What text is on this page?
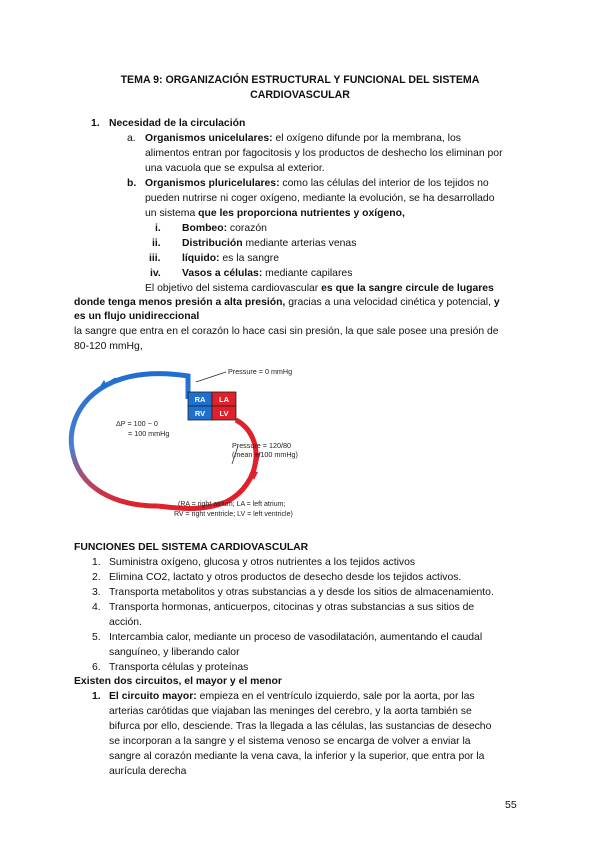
TEMA 9: ORGANIZACIÓN ESTRUCTURAL Y FUNCIONAL DEL SISTEMA
CARDIOVASCULAR
1. Necesidad de la circulación
a. Organismos unicelulares: el oxígeno difunde por la membrana, los
alimentos entran por fagocitosis y los productos de deshecho los eliminan por
una vacuola que se expulsa al exterior.
b. Organismos pluricelulares: como las células del interior de los tejidos no
pueden nutrirse ni coger oxígeno, mediante la evolución, se ha desarrollado
un sistema que les proporciona nutrientes y oxígeno,
i. Bombeo: corazón
ii. Distribución mediante arterias venas
iii. líquido: es la sangre
iv. Vasos a células: mediante capilares
El objetivo del sistema cardiovascular es que la sangre circule de lugares
donde tenga menos presión a alta presión, gracias a una velocidad cinética y potencial, y
es un flujo unidireccional
la sangre que entra en el corazón lo hace casi sin presión, la que sale posee una presión de
80-120 mmHg,
RA LA
RV LV
Pressure = 0 mmHg
ΔP = 100 − 0
= 100 mmHg
Pressure = 120/80
(mean ≅100 mmHg)
(RA = right atrium; LA = left atrium;
RV = right ventricle; LV = left ventricle)
FUNCIONES DEL SISTEMA CARDIOVASCULAR
1. Suministra oxígeno, glucosa y otros nutrientes a los tejidos activos
2. Elimina CO2, lactato y otros productos de desecho desde los tejidos activos.
3. Transporta metabolitos y otras substancias a y desde los sitios de almacenamiento.
4. Transporta hormonas, anticuerpos, citocinas y otras substancias a sus sitios de
acción.
5. Intercambia calor, mediante un proceso de vasodilatación, aumentando el caudal
sanguíneo, y liberando calor
6. Transporta células y proteínas
Existen dos circuitos, el mayor y el menor
1. El circuito mayor: empieza en el ventrículo izquierdo, sale por la aorta, por las
arterias carótidas que viajaban las meninges del cerebro, y la aorta también se
bifurca por ello, desciende. Tras la llegada a las células, las sustancias de desecho
se incorporan a la sangre y el sistema venoso se encarga de volver a enviar la
sangre al corazón mediante la vena cava, la inferior y la superior, que entra por la
aurícula derecha
55
